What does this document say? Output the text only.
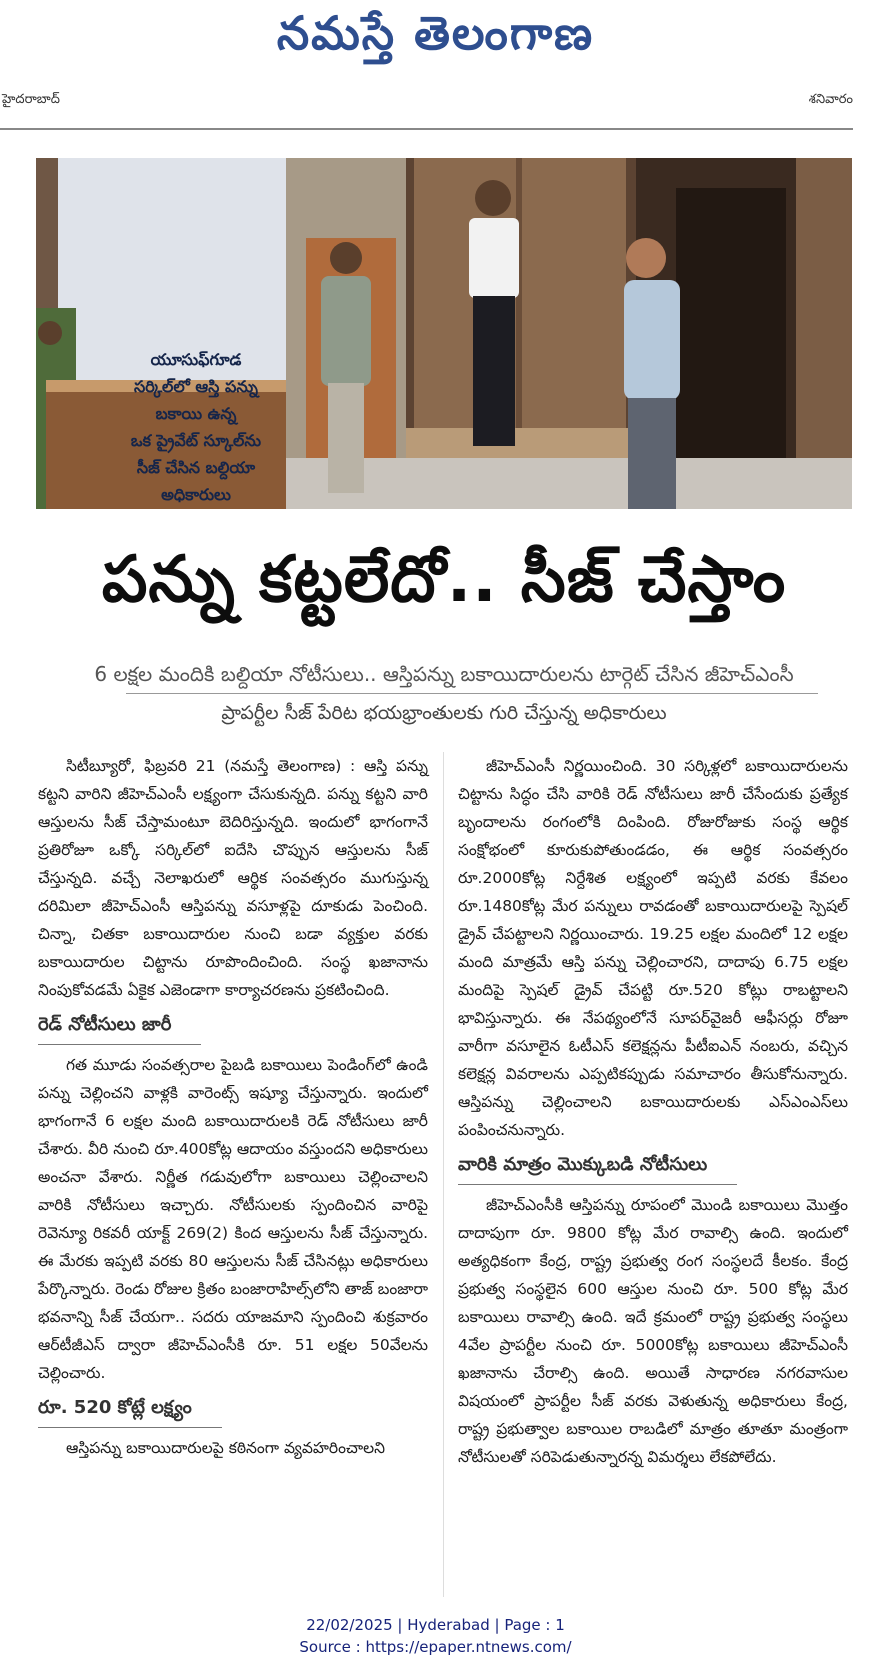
నమస్తే తెలంగాణ
హైదరాబాద్	శనివారం
యూసుఫ్‌గూడ
సర్కిల్‌లో ఆస్తి పన్ను
బకాయి ఉన్న
ఒక ప్రైవేట్ స్కూల్‌ను
సీజ్ చేసిన బల్దియా
అధికారులు
పన్ను కట్టలేదో.. సీజ్ చేస్తాం
6 లక్షల మందికి బల్దియా నోటీసులు.. ఆస్తిపన్ను బకాయిదారులను టార్గెట్ చేసిన జీహెచ్ఎంసీ
ప్రాపర్టీల సీజ్ పేరిట భయభ్రాంతులకు గురి చేస్తున్న అధికారులు

సిటీబ్యూరో, ఫిబ్రవరి 21 (నమస్తే తెలంగాణ) : ఆస్తి పన్ను కట్టని వారిని జీహెచ్ఎంసీ లక్ష్యంగా చేసుకున్నది. పన్ను కట్టని వారి ఆస్తులను సీజ్ చేస్తామంటూ బెదిరిస్తున్నది. ఇందులో భాగంగానే ప్రతిరోజూ ఒక్కో సర్కిల్‌లో ఐదేసి చొప్పున ఆస్తులను సీజ్ చేస్తున్నది. వచ్చే నెలాఖరులో ఆర్థిక సంవత్సరం ముగుస్తున్న దరిమిలా జీహెచ్ఎంసీ ఆస్తిపన్ను వసూళ్లపై దూకుడు పెంచింది. చిన్నా, చితకా బకాయిదారుల నుంచి బడా వ్యక్తుల వరకు బకాయిదారుల చిట్టాను రూపొందించింది. సంస్థ ఖజానాను నింపుకోవడమే ఏకైక ఎజెండాగా కార్యాచరణను ప్రకటించింది.

రెడ్ నోటీసులు జారీ

గత మూడు సంవత్సరాల పైబడి బకాయిలు పెండింగ్‌లో ఉండి పన్ను చెల్లించని వాళ్లకి వారెంట్స్ ఇష్యూ చేస్తున్నారు. ఇందులో భాగంగానే 6 లక్షల మంది బకాయిదారులకి రెడ్ నోటీసులు జారీ చేశారు. వీరి నుంచి రూ.400కోట్ల ఆదాయం వస్తుందని అధికారులు అంచనా వేశారు. నిర్ణీత గడువులోగా బకాయిలు చెల్లించాలని వారికి నోటీసులు ఇచ్చారు. నోటీసులకు స్పందించిన వారిపై రెవెన్యూ రికవరీ యాక్ట్ 269(2) కింద ఆస్తులను సీజ్ చేస్తున్నారు. ఈ మేరకు ఇప్పటి వరకు 80 ఆస్తులను సీజ్ చేసినట్లు అధికారులు పేర్కొన్నారు. రెండు రోజుల క్రితం బంజారాహిల్స్‌లోని తాజ్ బంజారా భవనాన్ని సీజ్ చేయగా.. సదరు యాజమాని స్పందించి శుక్రవారం ఆర్‌టీజీఎస్ ద్వారా జీహెచ్ఎంసీకి రూ. 51 లక్షల 50వేలను చెల్లించారు.

రూ. 520 కోట్లే లక్ష్యం

ఆస్తిపన్ను బకాయిదారులపై కఠినంగా వ్యవహరించాలని

జీహెచ్ఎంసీ నిర్ణయించింది. 30 సర్కిళ్లలో బకాయిదారులను చిట్టాను సిద్ధం చేసి వారికి రెడ్ నోటీసులు జారీ చేసేందుకు ప్రత్యేక బృందాలను రంగంలోకి దింపింది. రోజురోజుకు సంస్థ ఆర్థిక సంక్షోభంలో కూరుకుపోతుండడం, ఈ ఆర్థిక సంవత్సరం రూ.2000కోట్ల నిర్దేశిత లక్ష్యంలో ఇప్పటి వరకు కేవలం రూ.1480కోట్ల మేర పన్నులు రావడంతో బకాయిదారులపై స్పెషల్ డ్రైవ్ చేపట్టాలని నిర్ణయించారు. 19.25 లక్షల మందిలో 12 లక్షల మంది మాత్రమే ఆస్తి పన్ను చెల్లించారని, దాదాపు 6.75 లక్షల మందిపై స్పెషల్ డ్రైవ్ చేపట్టి రూ.520 కోట్లు రాబట్టాలని భావిస్తున్నారు. ఈ నేపథ్యంలోనే సూపర్‌వైజరీ ఆఫీసర్లు రోజూ వారీగా వసూలైన ఓటీఎస్ కలెక్షన్లను పీటీఐఎన్ నంబరు, వచ్చిన కలెక్షన్ల వివరాలను ఎప్పటికప్పుడు సమాచారం తీసుకోనున్నారు. ఆస్తిపన్ను చెల్లించాలని బకాయిదారులకు ఎస్ఎంఎస్‌లు పంపించనున్నారు.

వారికి మాత్రం మొక్కుబడి నోటీసులు

జీహెచ్ఎంసీకి ఆస్తిపన్ను రూపంలో మొండి బకాయిలు మొత్తం దాదాపుగా రూ. 9800 కోట్ల మేర రావాల్సి ఉంది. ఇందులో అత్యధికంగా కేంద్ర, రాష్ట్ర ప్రభుత్వ రంగ సంస్థలదే కీలకం. కేంద్ర ప్రభుత్వ సంస్థలైన 600 ఆస్తుల నుంచి రూ. 500 కోట్ల మేర బకాయిలు రావాల్సి ఉంది. ఇదే క్రమంలో రాష్ట్ర ప్రభుత్వ సంస్థలు 4వేల ప్రాపర్టీల నుంచి రూ. 5000కోట్ల బకాయిలు జీహెచ్ఎంసీ ఖజానాను చేరాల్సి ఉంది. అయితే సాధారణ నగరవాసుల విషయంలో ప్రాపర్టీల సీజ్ వరకు వెళుతున్న అధికారులు కేంద్ర, రాష్ట్ర ప్రభుత్వాల బకాయిల రాబడిలో మాత్రం తూతూ మంత్రంగా నోటీసులతో సరిపెడుతున్నారన్న విమర్శలు లేకపోలేదు.

22/02/2025 | Hyderabad | Page : 1
Source : https://epaper.ntnews.com/
